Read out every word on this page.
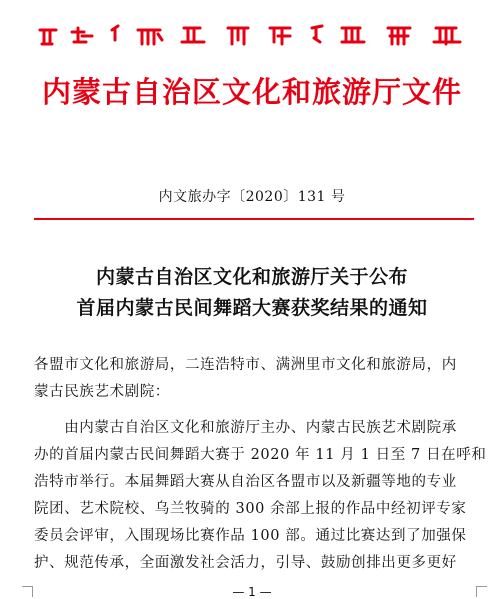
内蒙古自治区文化和旅游厅文件
内文旅办字〔2020〕131 号
内蒙古自治区文化和旅游厅关于公布
首届内蒙古民间舞蹈大赛获奖结果的通知
各盟市文化和旅游局，二连浩特市、满洲里市文化和旅游局，内
蒙古民族艺术剧院：
　　由内蒙古自治区文化和旅游厅主办、内蒙古民族艺术剧院承
办的首届内蒙古民间舞蹈大赛于 2020 年 11 月 1 日至 7 日在呼和
浩特市举行。本届舞蹈大赛从自治区各盟市以及新疆等地的专业
院团、艺术院校、乌兰牧骑的 300 余部上报的作品中经初评专家
委员会评审，入围现场比赛作品 100 部。通过比赛达到了加强保
护、规范传承，全面激发社会活力，引导、鼓励创排出更多更好
— 1 —
